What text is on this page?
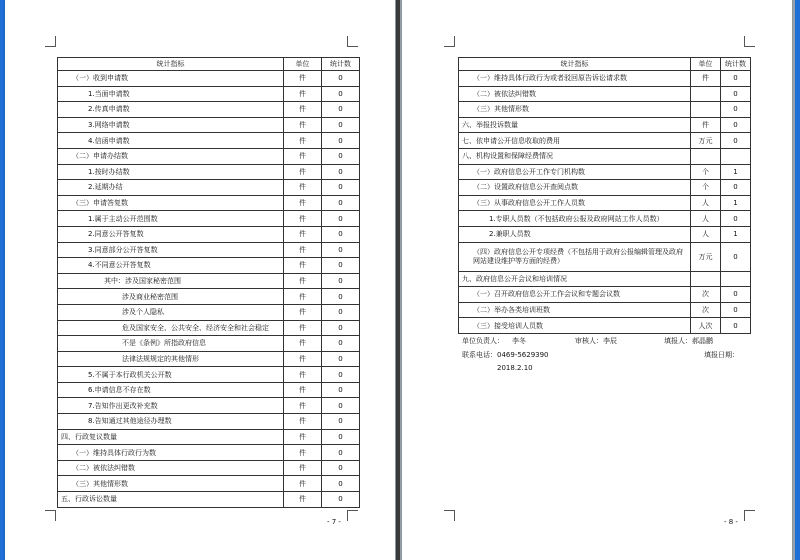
统计指标	单位	统计数
（一）收到申请数	件	0
1.当面申请数	件	0
2.传真申请数	件	0
3.网络申请数	件	0
4.信函申请数	件	0
（二）申请办结数	件	0
1.按时办结数	件	0
2.延期办结	件	0
（三）申请答复数	件	0
1.属于主动公开范围数	件	0
2.同意公开答复数	件	0
3.同意部分公开答复数	件	0
4.不同意公开答复数	件	0
其中：涉及国家秘密范围	件	0
涉及商业秘密范围	件	0
涉及个人隐私	件	0
危及国家安全、公共安全、经济安全和社会稳定	件	0
不是《条例》所指政府信息	件	0
法律法规规定的其他情形	件	0
5.不属于本行政机关公开数	件	0
6.申请信息不存在数	件	0
7.告知作出更改补充数	件	0
8.告知通过其他途径办理数	件	0
四、行政复议数量	件	0
（一）维持具体行政行为数	件	0
（二）被依法纠错数	件	0
（三）其他情形数	件	0
五、行政诉讼数量	件	0
- 7 -
统计指标	单位	统计数
（一）维持具体行政行为或者驳回原告诉讼请求数	件	0
（二）被依法纠错数		0
（三）其他情形数		0
六、举报投诉数量	件	0
七、依申请公开信息收取的费用	万元	0
八、机构设置和保障经费情况		
（一）政府信息公开工作专门机构数	个	1
（二）设置政府信息公开查阅点数	个	0
（三）从事政府信息公开工作人员数	人	1
1.专职人员数（不包括政府公报及政府网站工作人员数）	人	0
2.兼职人员数	人	1
（四）政府信息公开专项经费（不包括用于政府公报编辑管理及政府网站建设维护等方面的经费）	万元	0
九、政府信息公开会议和培训情况		
（一）召开政府信息公开工作会议和专题会议数	次	0
（二）举办各类培训班数	次	0
（三）接受培训人员数	人次	0
单位负责人： 李冬	审核人：李辰	填报人：郝晶鹏
联系电话：0469-5629390	填报日期：
2018.2.10
- 8 -
